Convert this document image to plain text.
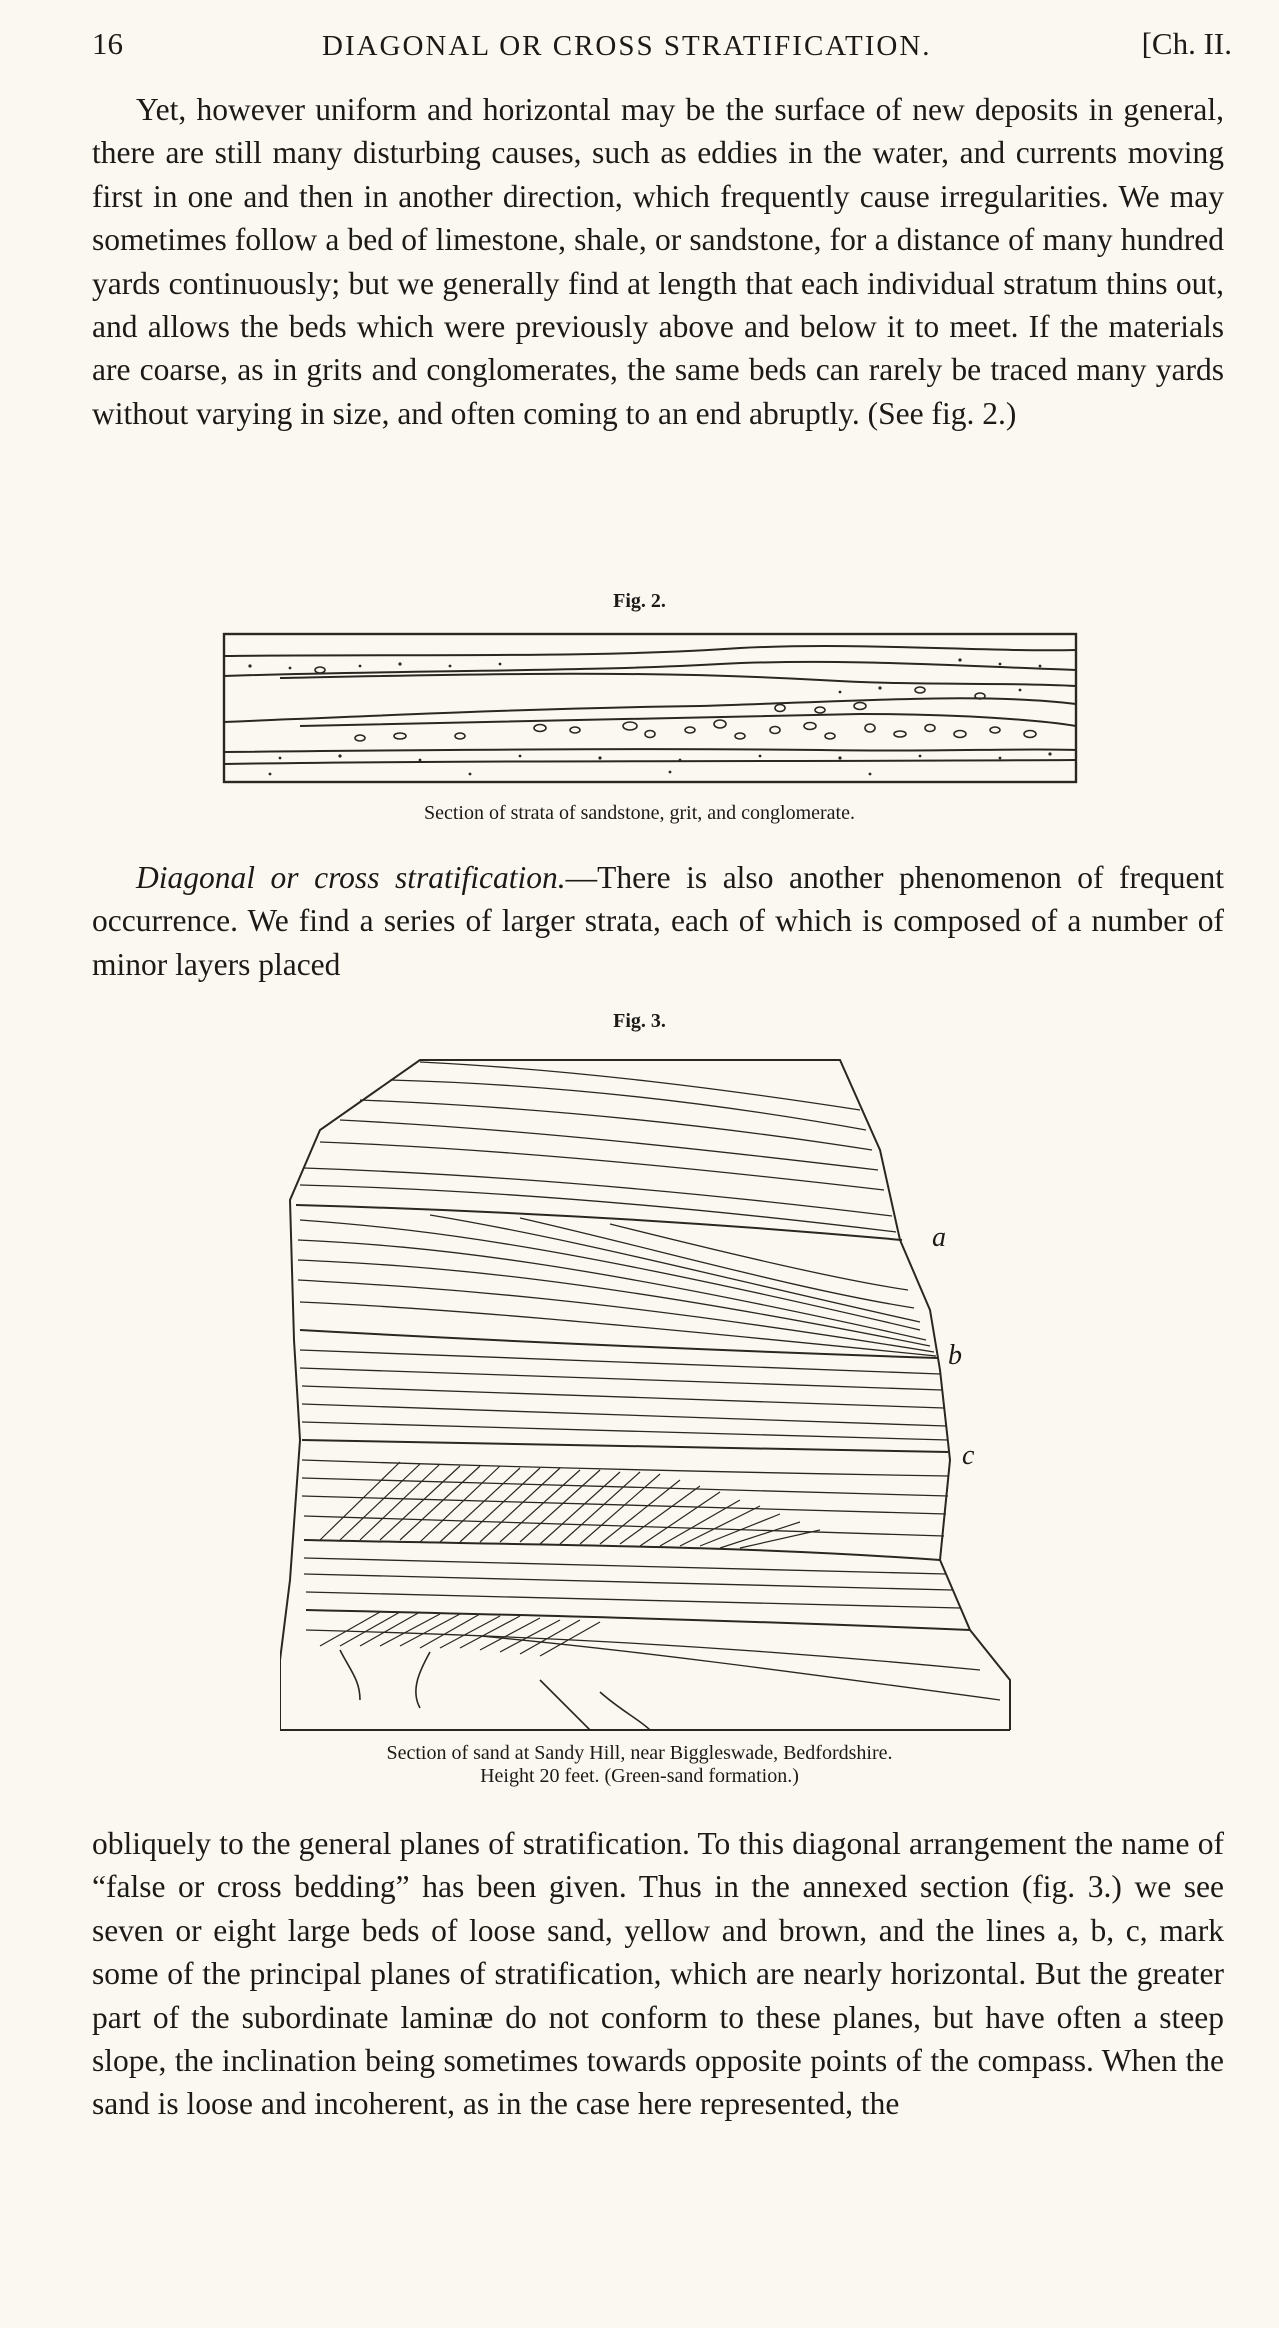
16	DIAGONAL OR CROSS STRATIFICATION.	[Ch. II.

Yet, however uniform and horizontal may be the surface of new deposits in general, there are still many disturbing causes, such as eddies in the water, and currents moving first in one and then in another direction, which frequently cause irregularities. We may sometimes follow a bed of limestone, shale, or sandstone, for a distance of many hundred yards continuously; but we generally find at length that each individual stratum thins out, and allows the beds which were previously above and below it to meet. If the materials are coarse, as in grits and conglomerates, the same beds can rarely be traced many yards without varying in size, and often coming to an end abruptly. (See fig. 2.)

Fig. 2.
Section of strata of sandstone, grit, and conglomerate.

Diagonal or cross stratification.—There is also another phenomenon of frequent occurrence. We find a series of larger strata, each of which is composed of a number of minor layers placed

Fig. 3.
a
b
c
Section of sand at Sandy Hill, near Biggleswade, Bedfordshire.
Height 20 feet. (Green-sand formation.)

obliquely to the general planes of stratification. To this diagonal arrangement the name of “false or cross bedding” has been given. Thus in the annexed section (fig. 3.) we see seven or eight large beds of loose sand, yellow and brown, and the lines a, b, c, mark some of the principal planes of stratification, which are nearly horizontal. But the greater part of the subordinate laminæ do not conform to these planes, but have often a steep slope, the inclination being sometimes towards opposite points of the compass. When the sand is loose and incoherent, as in the case here represented, the
